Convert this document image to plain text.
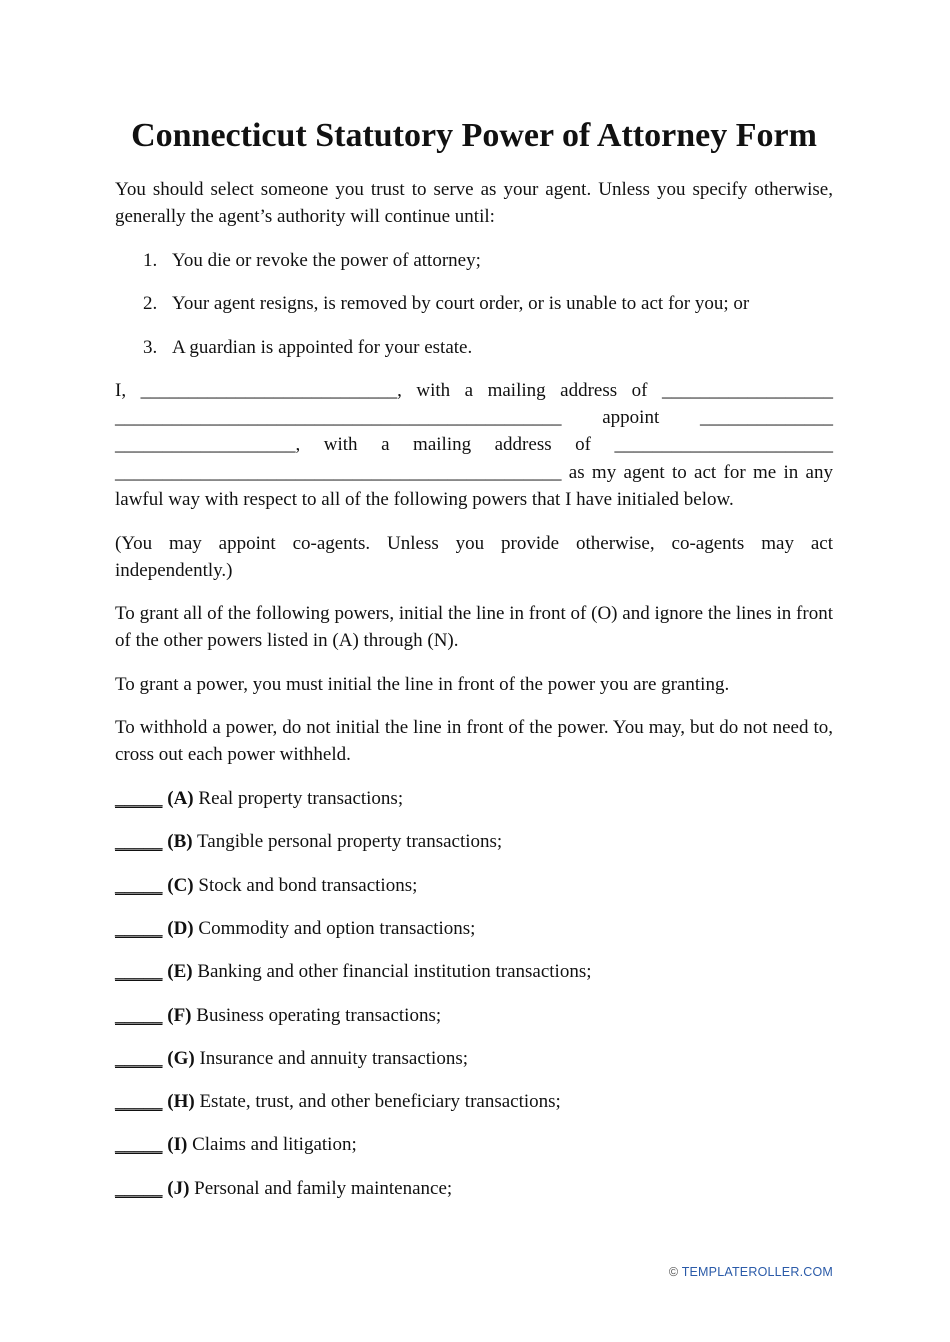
Connecticut Statutory Power of Attorney Form

You should select someone you trust to serve as your agent. Unless you specify otherwise, generally the agent’s authority will continue until:

1. You die or revoke the power of attorney;
2. Your agent resigns, is removed by court order, or is unable to act for you; or
3. A guardian is appointed for your estate.
I, ___________________________, with a mailing address of __________________
_______________________________________________ appoint ______________
___________________, with a mailing address of _______________________
_______________________________________________ as my agent to act for me in any
lawful way with respect to all of the following powers that I have initialed below.

(You may appoint co-agents. Unless you provide otherwise, co-agents may act independently.)

To grant all of the following powers, initial the line in front of (O) and ignore the lines in front of the other powers listed in (A) through (N).

To grant a power, you must initial the line in front of the power you are granting.

To withhold a power, do not initial the line in front of the power. You may, but do not need to, cross out each power withheld.

_____ (A) Real property transactions;
_____ (B) Tangible personal property transactions;
_____ (C) Stock and bond transactions;
_____ (D) Commodity and option transactions;
_____ (E) Banking and other financial institution transactions;
_____ (F) Business operating transactions;
_____ (G) Insurance and annuity transactions;
_____ (H) Estate, trust, and other beneficiary transactions;
_____ (I) Claims and litigation;
_____ (J) Personal and family maintenance;
© TEMPLATEROLLER.COM
